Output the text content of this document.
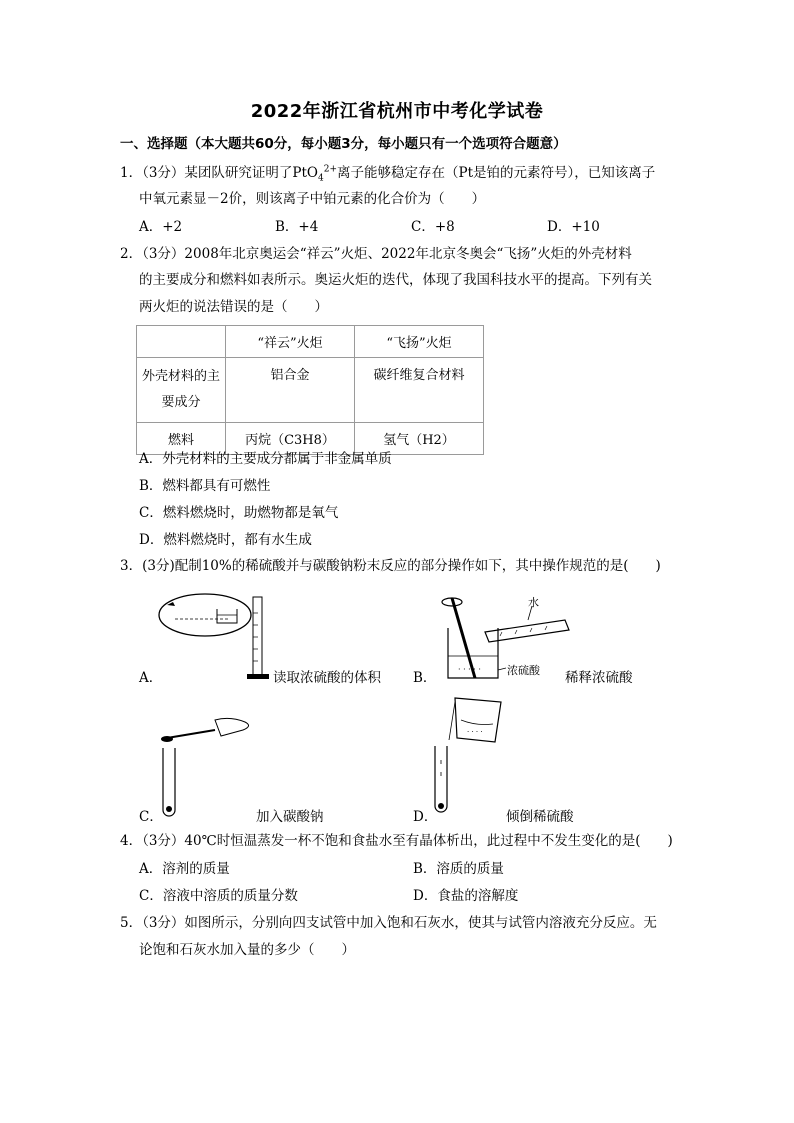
2022年浙江省杭州市中考化学试卷
一、选择题（本大题共60分，每小题3分，每小题只有一个选项符合题意）
1．（3分）某团队研究证明了PtO$_4^{2+}$离子能够稳定存在（Pt是铂的元素符号），已知该离子
中氧元素显－2价，则该离子中铂元素的化合价为（　　）
A．+2	B．+4	C．+8	D．+10
2．（3分）2008年北京奥运会“祥云”火炬、2022年北京冬奥会“飞扬”火炬的外壳材料
的主要成分和燃料如表所示。奥运火炬的迭代，体现了我国科技水平的提高。下列有关
两火炬的说法错误的是（　　）
	“祥云”火炬	“飞扬”火炬
外壳材料的主要成分	铝合金	碳纤维复合材料
燃料	丙烷（C3H8）	氢气（H2）
A．外壳材料的主要成分都属于非金属单质
B．燃料都具有可燃性
C．燃料燃烧时，助燃物都是氧气
D．燃料燃烧时，都有水生成
3．(3分)配制10%的稀硫酸并与碳酸钠粉末反应的部分操作如下，其中操作规范的是(　　)
A．	读取浓硫酸的体积
· · · · ·
水
浓硫酸
B．	稀释浓硫酸
C．	加入碳酸钠
· · · ·
D．	倾倒稀硫酸
4．（3分）40℃时恒温蒸发一杯不饱和食盐水至有晶体析出，此过程中不发生变化的是(　　)
A．溶剂的质量	B．溶质的质量
C．溶液中溶质的质量分数	D．食盐的溶解度
5．（3分）如图所示，分别向四支试管中加入饱和石灰水，使其与试管内溶液充分反应。无
论饱和石灰水加入量的多少（　　）
